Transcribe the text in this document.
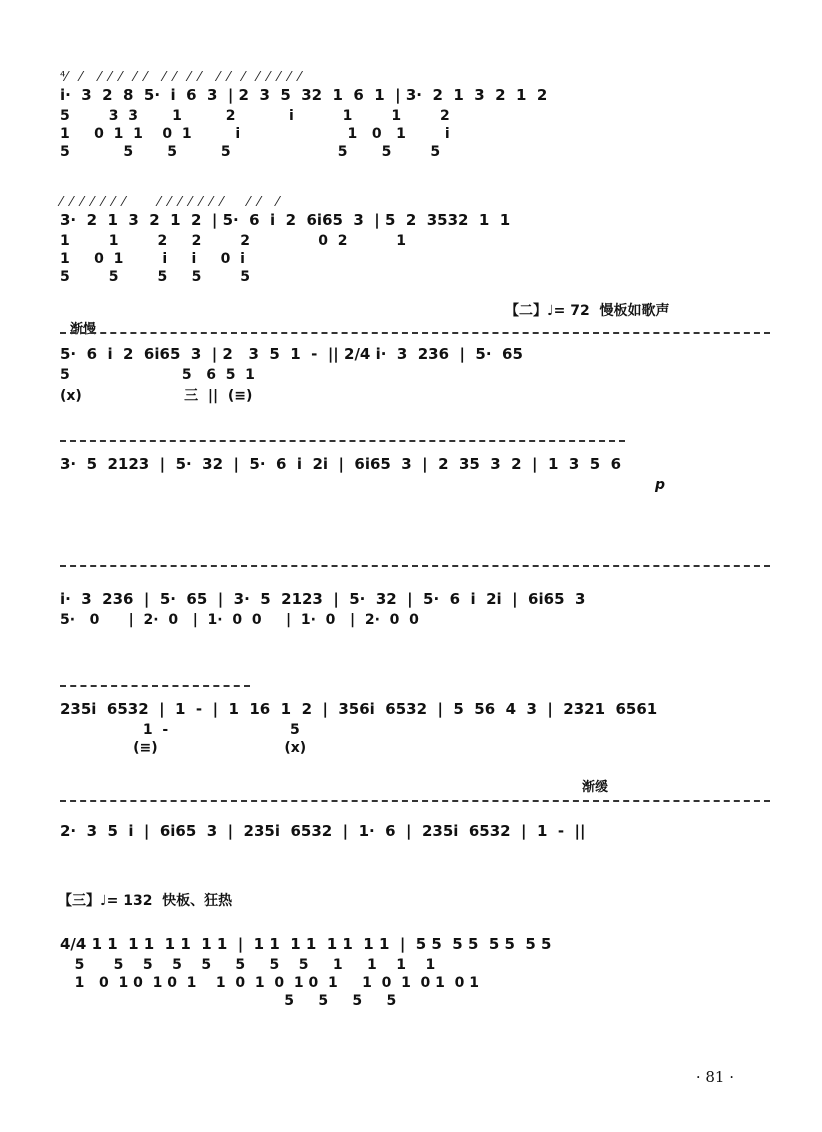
⁴⁄   ⁄    ⁄  ⁄  ⁄   ⁄  ⁄    ⁄  ⁄   ⁄  ⁄    ⁄  ⁄   ⁄   ⁄  ⁄  ⁄  ⁄  ⁄
i·  3  2  8  5·  i  6  3  | 2  3  5  32  1  6  1  | 3·  2  1  3  2  1  2
5        3  3       1         2           i          1        1        2
1     0  1  1    0  1         i                      1   0   1        i
5           5       5         5                      5       5        5
⁄  ⁄  ⁄  ⁄  ⁄  ⁄  ⁄        ⁄  ⁄  ⁄  ⁄  ⁄  ⁄  ⁄      ⁄  ⁄    ⁄
3·  2  1  3  2  1  2  | 5·  6  i  2  6i65  3  | 5  2  3532  1  1
1        1        2     2        2              0  2          1
1     0  1        i     i     0  i
5        5        5     5        5
【二】♩= 72  慢板如歌声
渐慢
5·  6  i  2  6i65  3  | 2   3  5  1  -  || 2/4 i·  3  236  |  5·  65
5                       5   6  5  1
(x)                     三  ||  (≡)
3·  5  2123  |  5·  32  |  5·  6  i  2i  |  6i65  3  |  2  35  3  2  |  1  3  5  6
p
i·  3  236  |  5·  65  |  3·  5  2123  |  5·  32  |  5·  6  i  2i  |  6i65  3
5·   0      |  2·  0   |  1·  0  0     |  1·  0   |  2·  0  0
235i  6532  |  1  -  |  1  16  1  2  |  356i  6532  |  5  56  4  3  |  2321  6561
1  -                         5
(≡)                          (x)
渐缓
2·  3  5  i  |  6i65  3  |  235i  6532  |  1·  6  |  235i  6532  |  1  -  ||
【三】♩= 132  快板、狂热
4/4 1 1  1 1  1 1  1 1  |  1 1  1 1  1 1  1 1  |  5 5  5 5  5 5  5 5
5      5    5    5    5     5     5    5     1     1    1    1
1   0  1 0  1 0  1    1  0  1  0  1 0  1     1  0  1  0 1  0 1
5     5     5     5
· 81 ·
